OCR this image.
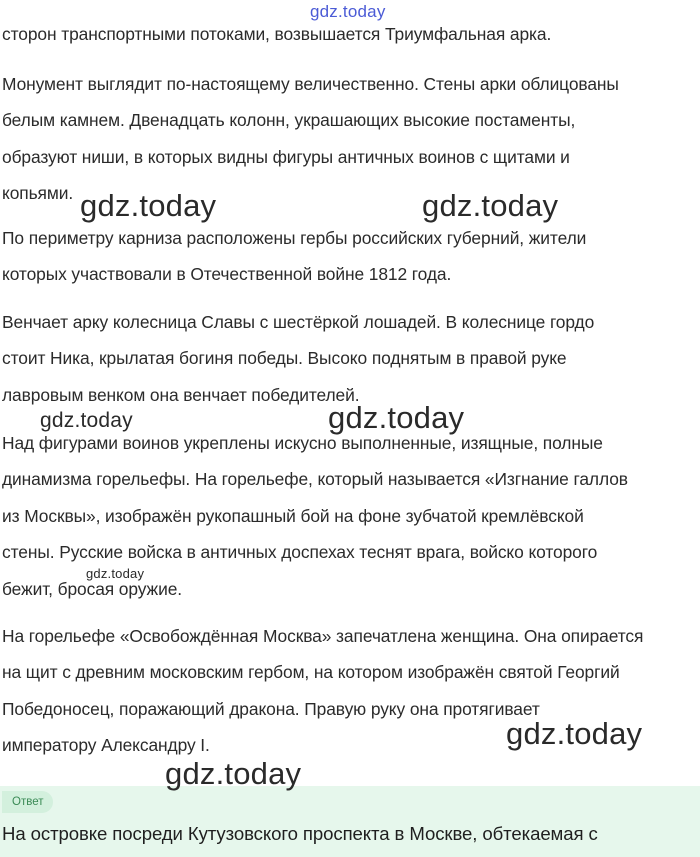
gdz.today

сторон транспортными потоками, возвышается Триумфальная арка.

Монумент выглядит по-настоящему величественно. Стены арки облицованы
белым камнем. Двенадцать колонн, украшающих высокие постаменты,
образуют ниши, в которых видны фигуры античных воинов с щитами и
копьями.

По периметру карниза расположены гербы российских губерний, жители
которых участвовали в Отечественной войне 1812 года.

Венчает арку колесница Славы с шестёркой лошадей. В колеснице гордо
стоит Ника, крылатая богиня победы. Высоко поднятым в правой руке
лавровым венком она венчает победителей.

Над фигурами воинов укреплены искусно выполненные, изящные, полные
динамизма горельефы. На горельефе, который называется «Изгнание галлов
из Москвы», изображён рукопашный бой на фоне зубчатой кремлёвской
стены. Русские войска в античных доспехах теснят врага, войско которого
бежит, бросая оружие.

На горельефе «Освобождённая Москва» запечатлена женщина. Она опирается
на щит с древним московским гербом, на котором изображён святой Георгий
Победоносец, поражающий дракона. Правую руку она протягивает
императору Александру I.

Ответ

На островке посреди Кутузовского проспекта в Москве, обтекаемая с

gdz.today	gdz.today
gdz.today	gdz.today
gdz.today
gdz.today
gdz.today
